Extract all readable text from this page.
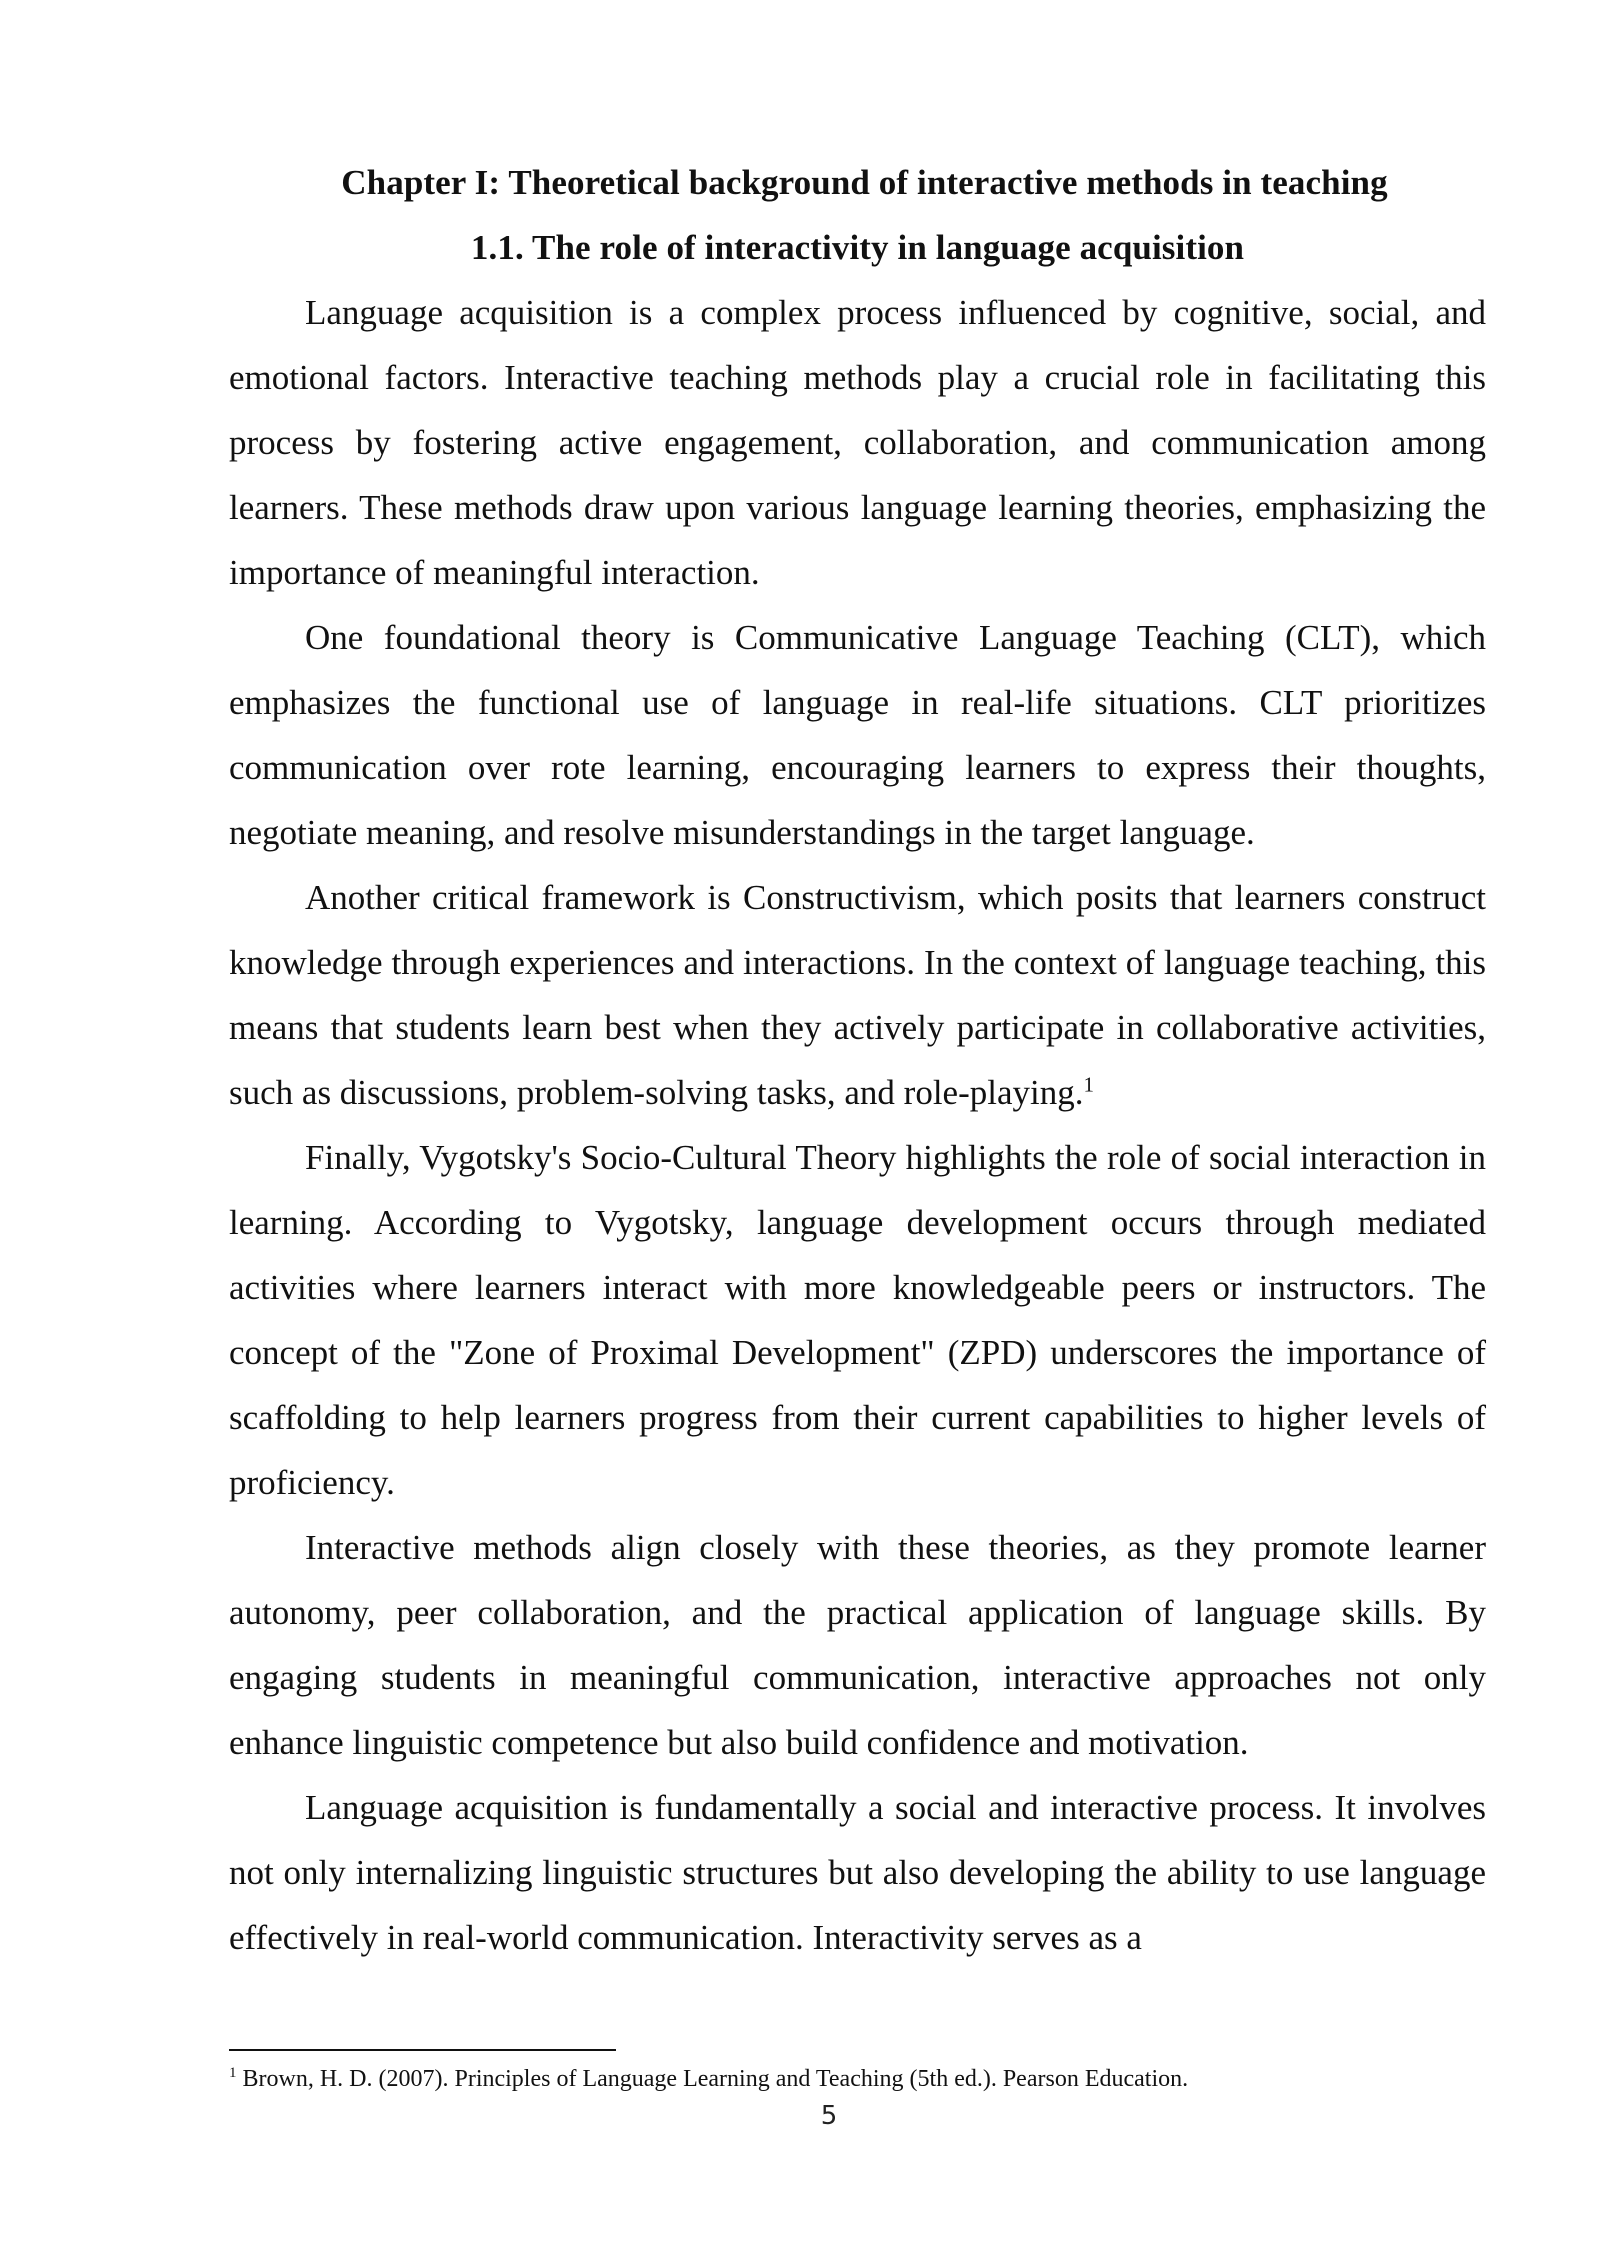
Chapter I: Theoretical background of interactive methods in teaching
1.1. The role of interactivity in language acquisition

Language acquisition is a complex process influenced by cognitive, social, and emotional factors. Interactive teaching methods play a crucial role in facilitating this process by fostering active engagement, collaboration, and communication among learners. These methods draw upon various language learning theories, emphasizing the importance of meaningful interaction.

One foundational theory is Communicative Language Teaching (CLT), which emphasizes the functional use of language in real-life situations. CLT prioritizes communication over rote learning, encouraging learners to express their thoughts, negotiate meaning, and resolve misunderstandings in the target language.

Another critical framework is Constructivism, which posits that learners construct knowledge through experiences and interactions. In the context of language teaching, this means that students learn best when they actively participate in collaborative activities, such as discussions, problem-solving tasks, and role-playing.$^1$

Finally, Vygotsky's Socio-Cultural Theory highlights the role of social interaction in learning. According to Vygotsky, language development occurs through mediated activities where learners interact with more knowledgeable peers or instructors. The concept of the "Zone of Proximal Development" (ZPD) underscores the importance of scaffolding to help learners progress from their current capabilities to higher levels of proficiency.

Interactive methods align closely with these theories, as they promote learner autonomy, peer collaboration, and the practical application of language skills. By engaging students in meaningful communication, interactive approaches not only enhance linguistic competence but also build confidence and motivation.

Language acquisition is fundamentally a social and interactive process. It involves not only internalizing linguistic structures but also developing the ability to use language effectively in real-world communication. Interactivity serves as a

$^1$ Brown, H. D. (2007). Principles of Language Learning and Teaching (5th ed.). Pearson Education.

5
